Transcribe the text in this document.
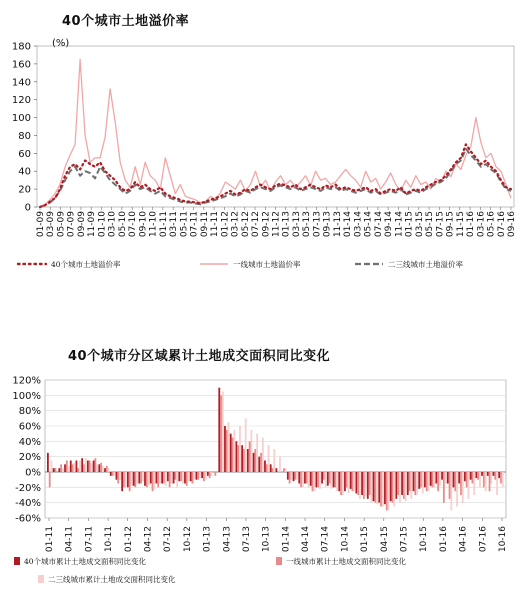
40个城市土地溢价率
40个城市分区域累计土地成交面积同比变化
0
20
40
60
80
100
120
140
160
180 (%)
01-09 03-09 05-09 07-09 09-09 11-09 01-10 03-10 05-10 07-10 09-10 11-10 01-11 03-11 05-11 07-11 09-11 11-11 01-12 03-12 05-12 07-12 09-12 11-12 01-13 03-13 05-13 07-13 09-13 11-13 01-14 03-14 05-14 07-14 09-14 11-14 01-15 03-15 05-15 07-15 09-15 11-15 01-16 03-16 05-16 07-16 09-16
40个城市土地溢价率	一线城市土地溢价率	二三线城市土地溢价率
-60%
-40%
-20%
0%
20%
40%
60%
80%
100%
120%
01-11 04-11 07-11 10-11 01-12 04-12 07-12 10-12 01-13 04-13 07-13 10-13 01-14 04-14 07-14 10-14 01-15 04-15 07-15 10-15 01-16 04-16 07-16 10-16
40个城市累计土地成交面积同比变化	一线城市累计土地成交面积同比变化
二三线城市累计土地成交面积同比变化
